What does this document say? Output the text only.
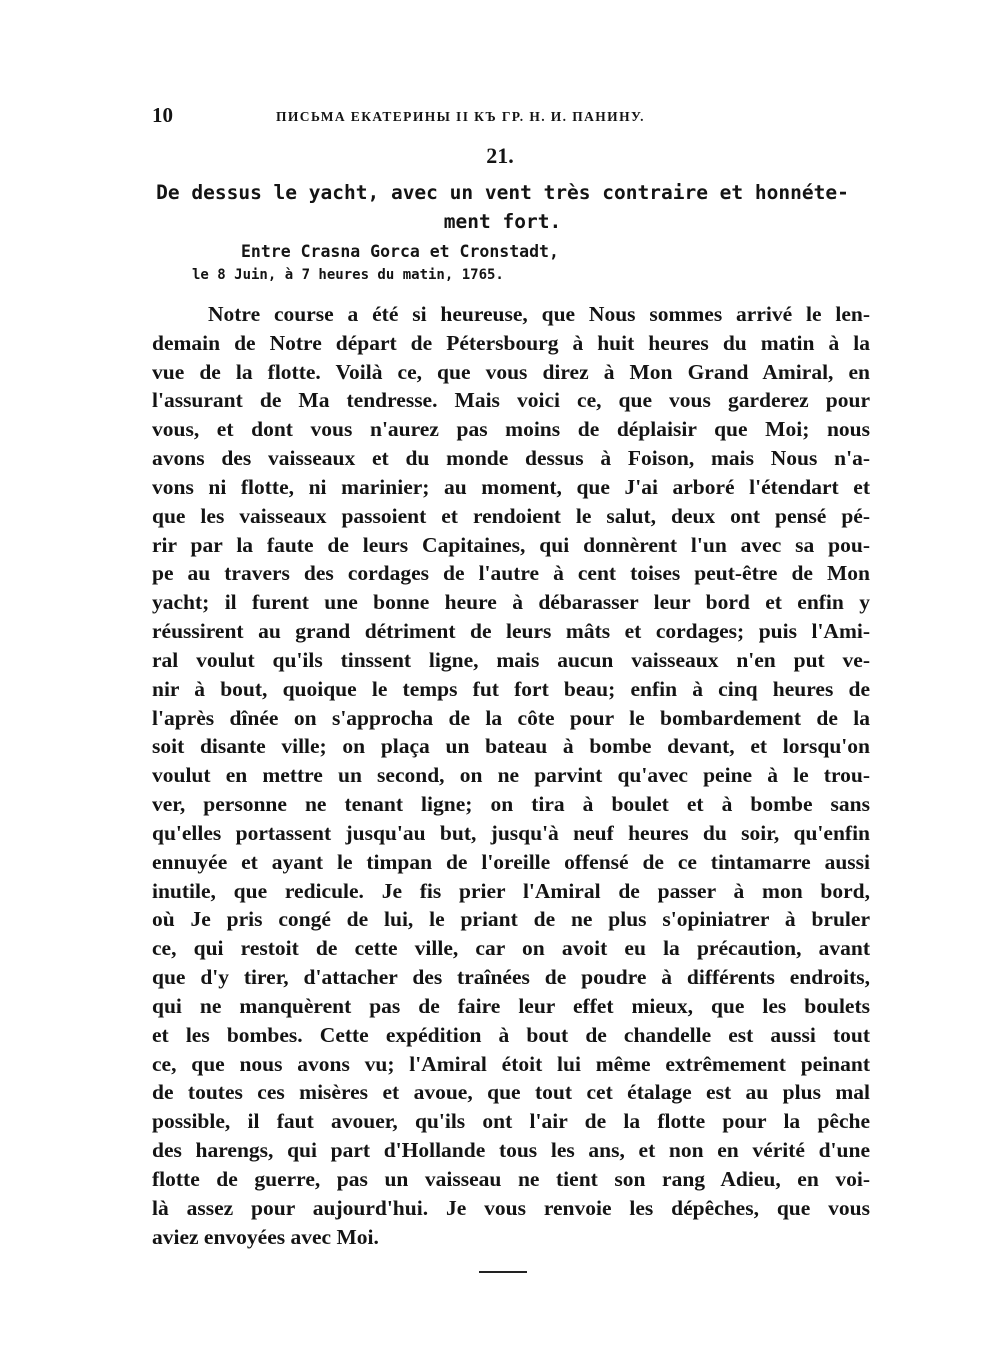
10	ПИСЬМА ЕКАТЕРИНЫ II КЪ ГР. Н. И. ПАНИНУ.
21.
De dessus le yacht, avec un vent très contraire et honnéte-
ment fort.
Entre Crasna Gorca et Cronstadt,
le 8 Juin, à 7 heures du matin, 1765.
Notre course a été si heureuse, que Nous sommes arrivé le len-
demain de Notre départ de Pétersbourg à huit heures du matin à la
vue de la flotte. Voilà ce, que vous direz à Mon Grand Amiral, en
l'assurant de Ma tendresse. Mais voici ce, que vous garderez pour
vous, et dont vous n'aurez pas moins de déplaisir que Moi; nous
avons des vaisseaux et du monde dessus à Foison, mais Nous n'a-
vons ni flotte, ni marinier; au moment, que J'ai arboré l'étendart et
que les vaisseaux passoient et rendoient le salut, deux ont pensé pé-
rir par la faute de leurs Capitaines, qui donnèrent l'un avec sa pou-
pe au travers des cordages de l'autre à cent toises peut-être de Mon
yacht; il furent une bonne heure à débarasser leur bord et enfin y
réussirent au grand détriment de leurs mâts et cordages; puis l'Ami-
ral voulut qu'ils tinssent ligne, mais aucun vaisseaux n'en put ve-
nir à bout, quoique le temps fut fort beau; enfin à cinq heures de
l'après dînée on s'approcha de la côte pour le bombardement de la
soit disante ville; on plaça un bateau à bombe devant, et lorsqu'on
voulut en mettre un second, on ne parvint qu'avec peine à le trou-
ver, personne ne tenant ligne; on tira à boulet et à bombe sans
qu'elles portassent jusqu'au but, jusqu'à neuf heures du soir, qu'enfin
ennuyée et ayant le timpan de l'oreille offensé de ce tintamarre aussi
inutile, que redicule. Je fis prier l'Amiral de passer à mon bord,
où Je pris congé de lui, le priant de ne plus s'opiniatrer à bruler
ce, qui restoit de cette ville, car on avoit eu la précaution, avant
que d'y tirer, d'attacher des traînées de poudre à différents endroits,
qui ne manquèrent pas de faire leur effet mieux, que les boulets
et les bombes. Cette expédition à bout de chandelle est aussi tout
ce, que nous avons vu; l'Amiral étoit lui même extrêmement peinant
de toutes ces misères et avoue, que tout cet étalage est au plus mal
possible, il faut avouer, qu'ils ont l'air de la flotte pour la pêche
des harengs, qui part d'Hollande tous les ans, et non en vérité d'une
flotte de guerre, pas un vaisseau ne tient son rang Adieu, en voi-
là assez pour aujourd'hui. Je vous renvoie les dépêches, que vous
aviez envoyées avec Moi.
